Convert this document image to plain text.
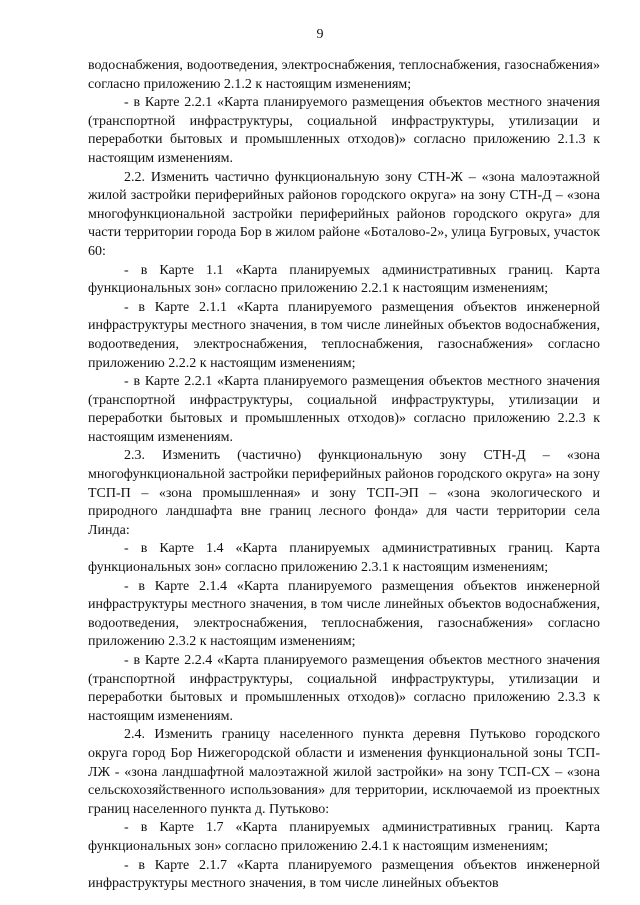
9

водоснабжения, водоотведения, электроснабжения, теплоснабжения, газоснабжения» согласно приложению 2.1.2 к настоящим изменениям;

- в Карте 2.2.1 «Карта планируемого размещения объектов местного значения (транспортной инфраструктуры, социальной инфраструктуры, утилизации и переработки бытовых и промышленных отходов)» согласно приложению 2.1.3 к настоящим изменениям.

2.2. Изменить частично функциональную зону СТН-Ж – «зона малоэтажной жилой застройки периферийных районов городского округа» на зону СТН-Д – «зона многофункциональной застройки периферийных районов городского округа» для части территории города Бор в жилом районе «Боталово-2», улица Бугровых, участок 60:

- в Карте 1.1 «Карта планируемых административных границ. Карта функциональных зон» согласно приложению 2.2.1 к настоящим изменениям;

- в Карте 2.1.1 «Карта планируемого размещения объектов инженерной инфраструктуры местного значения, в том числе линейных объектов водоснабжения, водоотведения, электроснабжения, теплоснабжения, газоснабжения» согласно приложению 2.2.2 к настоящим изменениям;

- в Карте 2.2.1 «Карта планируемого размещения объектов местного значения (транспортной инфраструктуры, социальной инфраструктуры, утилизации и переработки бытовых и промышленных отходов)» согласно приложению 2.2.3 к настоящим изменениям.

2.3. Изменить (частично) функциональную зону СТН-Д – «зона многофункциональной застройки периферийных районов городского округа» на зону ТСП-П – «зона промышленная» и зону ТСП-ЭП – «зона экологического и природного ландшафта вне границ лесного фонда» для части территории села Линда:

- в Карте 1.4 «Карта планируемых административных границ. Карта функциональных зон» согласно приложению 2.3.1 к настоящим изменениям;

- в Карте 2.1.4 «Карта планируемого размещения объектов инженерной инфраструктуры местного значения, в том числе линейных объектов водоснабжения, водоотведения, электроснабжения, теплоснабжения, газоснабжения» согласно приложению 2.3.2 к настоящим изменениям;

- в Карте 2.2.4 «Карта планируемого размещения объектов местного значения (транспортной инфраструктуры, социальной инфраструктуры, утилизации и переработки бытовых и промышленных отходов)» согласно приложению 2.3.3 к настоящим изменениям.

2.4. Изменить границу населенного пункта деревня Путьково городского округа город Бор Нижегородской области и изменения функциональной зоны ТСП-ЛЖ - «зона ландшафтной малоэтажной жилой застройки» на зону ТСП-СХ – «зона сельскохозяйственного использования» для территории, исключаемой из проектных границ населенного пункта д. Путьково:

- в Карте 1.7 «Карта планируемых административных границ. Карта функциональных зон» согласно приложению 2.4.1 к настоящим изменениям;

- в Карте 2.1.7 «Карта планируемого размещения объектов инженерной инфраструктуры местного значения, в том числе линейных объектов
